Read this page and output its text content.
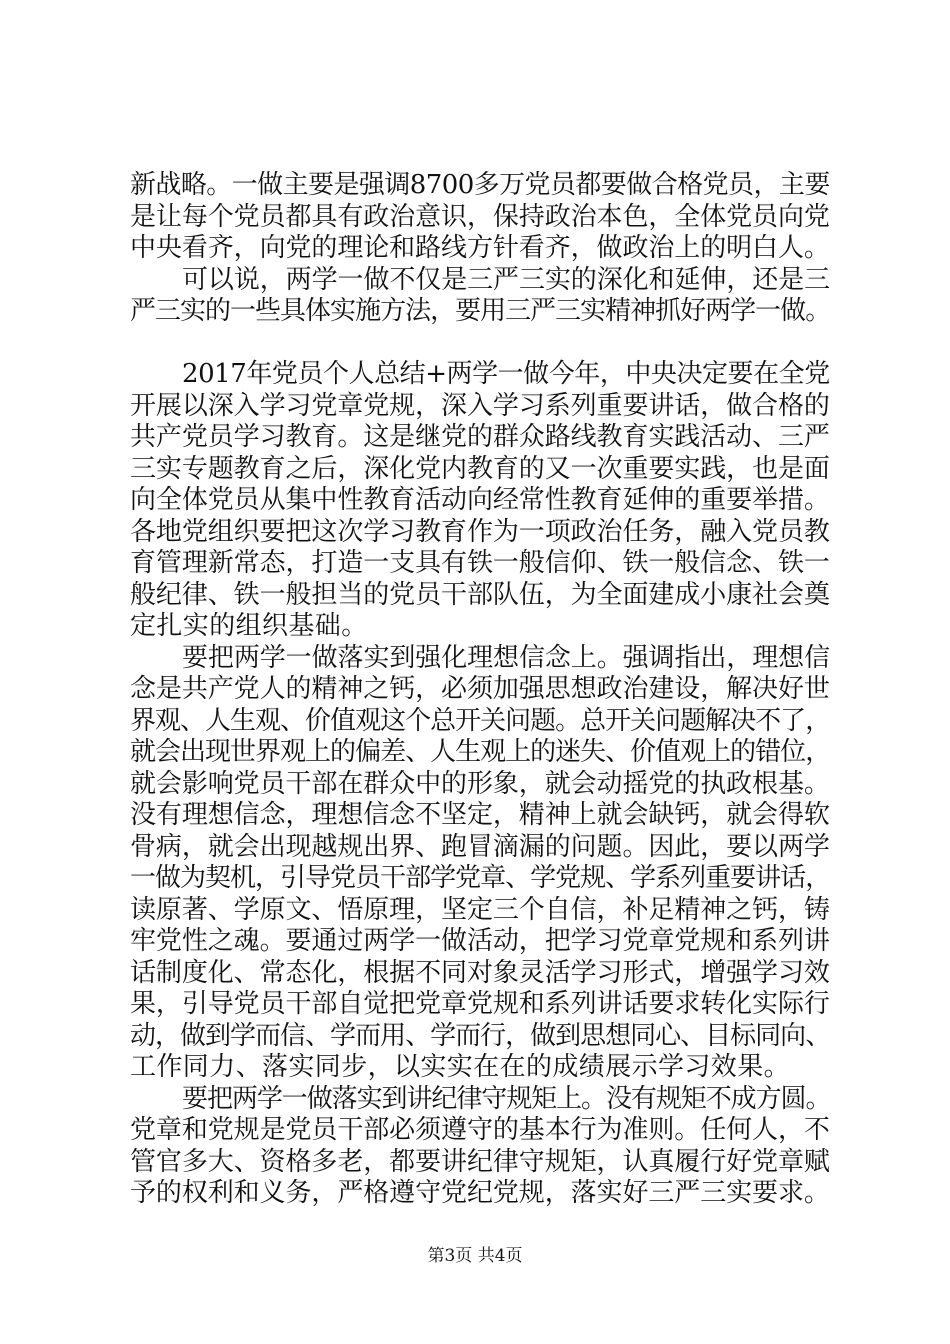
新战略。一做主要是强调8700多万党员都要做合格党员，主要
是让每个党员都具有政治意识，保持政治本色，全体党员向党
中央看齐，向党的理论和路线方针看齐，做政治上的明白人。
可以说，两学一做不仅是三严三实的深化和延伸，还是三
严三实的一些具体实施方法，要用三严三实精神抓好两学一做。
2017年党员个人总结+两学一做今年，中央决定要在全党
开展以深入学习党章党规，深入学习系列重要讲话，做合格的
共产党员学习教育。这是继党的群众路线教育实践活动、三严
三实专题教育之后，深化党内教育的又一次重要实践，也是面
向全体党员从集中性教育活动向经常性教育延伸的重要举措。
各地党组织要把这次学习教育作为一项政治任务，融入党员教
育管理新常态，打造一支具有铁一般信仰、铁一般信念、铁一
般纪律、铁一般担当的党员干部队伍，为全面建成小康社会奠
定扎实的组织基础。
要把两学一做落实到强化理想信念上。强调指出，理想信
念是共产党人的精神之钙，必须加强思想政治建设，解决好世
界观、人生观、价值观这个总开关问题。总开关问题解决不了，
就会出现世界观上的偏差、人生观上的迷失、价值观上的错位，
就会影响党员干部在群众中的形象，就会动摇党的执政根基。
没有理想信念，理想信念不坚定，精神上就会缺钙，就会得软
骨病，就会出现越规出界、跑冒滴漏的问题。因此，要以两学
一做为契机，引导党员干部学党章、学党规、学系列重要讲话，
读原著、学原文、悟原理，坚定三个自信，补足精神之钙，铸
牢党性之魂。要通过两学一做活动，把学习党章党规和系列讲
话制度化、常态化，根据不同对象灵活学习形式，增强学习效
果，引导党员干部自觉把党章党规和系列讲话要求转化实际行
动，做到学而信、学而用、学而行，做到思想同心、目标同向、
工作同力、落实同步，以实实在在的成绩展示学习效果。
要把两学一做落实到讲纪律守规矩上。没有规矩不成方圆。
党章和党规是党员干部必须遵守的基本行为准则。任何人，不
管官多大、资格多老，都要讲纪律守规矩，认真履行好党章赋
予的权利和义务，严格遵守党纪党规，落实好三严三实要求。
第3页 共4页
